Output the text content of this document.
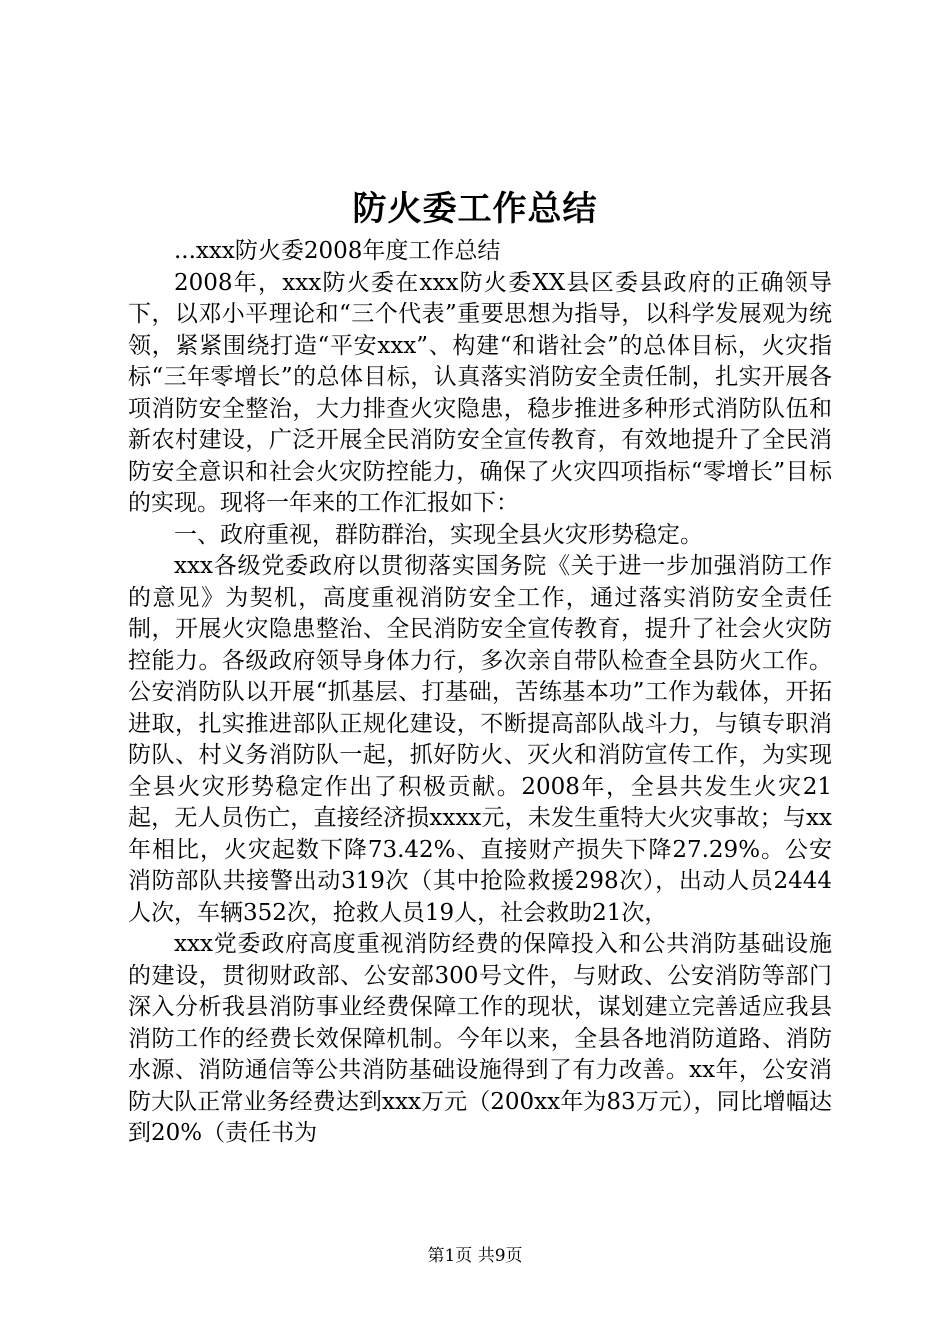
防火委工作总结

...xxx防火委2008年度工作总结

2008年，xxx防火委在xxx防火委XX县区委县政府的正确领导下，以邓小平理论和“三个代表”重要思想为指导，以科学发展观为统领，紧紧围绕打造“平安xxx”、构建“和谐社会”的总体目标，火灾指标“三年零增长”的总体目标，认真落实消防安全责任制，扎实开展各项消防安全整治，大力排查火灾隐患，稳步推进多种形式消防队伍和新农村建设，广泛开展全民消防安全宣传教育，有效地提升了全民消防安全意识和社会火灾防控能力，确保了火灾四项指标“零增长”目标的实现。现将一年来的工作汇报如下：

一、政府重视，群防群治，实现全县火灾形势稳定。

xxx各级党委政府以贯彻落实国务院《关于进一步加强消防工作的意见》为契机，高度重视消防安全工作，通过落实消防安全责任制，开展火灾隐患整治、全民消防安全宣传教育，提升了社会火灾防控能力。各级政府领导身体力行，多次亲自带队检查全县防火工作。公安消防队以开展“抓基层、打基础，苦练基本功”工作为载体，开拓进取，扎实推进部队正规化建设，不断提高部队战斗力，与镇专职消防队、村义务消防队一起，抓好防火、灭火和消防宣传工作，为实现全县火灾形势稳定作出了积极贡献。2008年，全县共发生火灾21起，无人员伤亡，直接经济损xxxx元，未发生重特大火灾事故；与xx年相比，火灾起数下降73.42%、直接财产损失下降27.29%。公安消防部队共接警出动319次（其中抢险救援298次），出动人员2444人次，车辆352次，抢救人员19人，社会救助21次，

xxx党委政府高度重视消防经费的保障投入和公共消防基础设施的建设，贯彻财政部、公安部300号文件，与财政、公安消防等部门深入分析我县消防事业经费保障工作的现状，谋划建立完善适应我县消防工作的经费长效保障机制。今年以来，全县各地消防道路、消防水源、消防通信等公共消防基础设施得到了有力改善。xx年，公安消防大队正常业务经费达到xxx万元（200xx年为83万元），同比增幅达到20%（责任书为

第1页 共9页
